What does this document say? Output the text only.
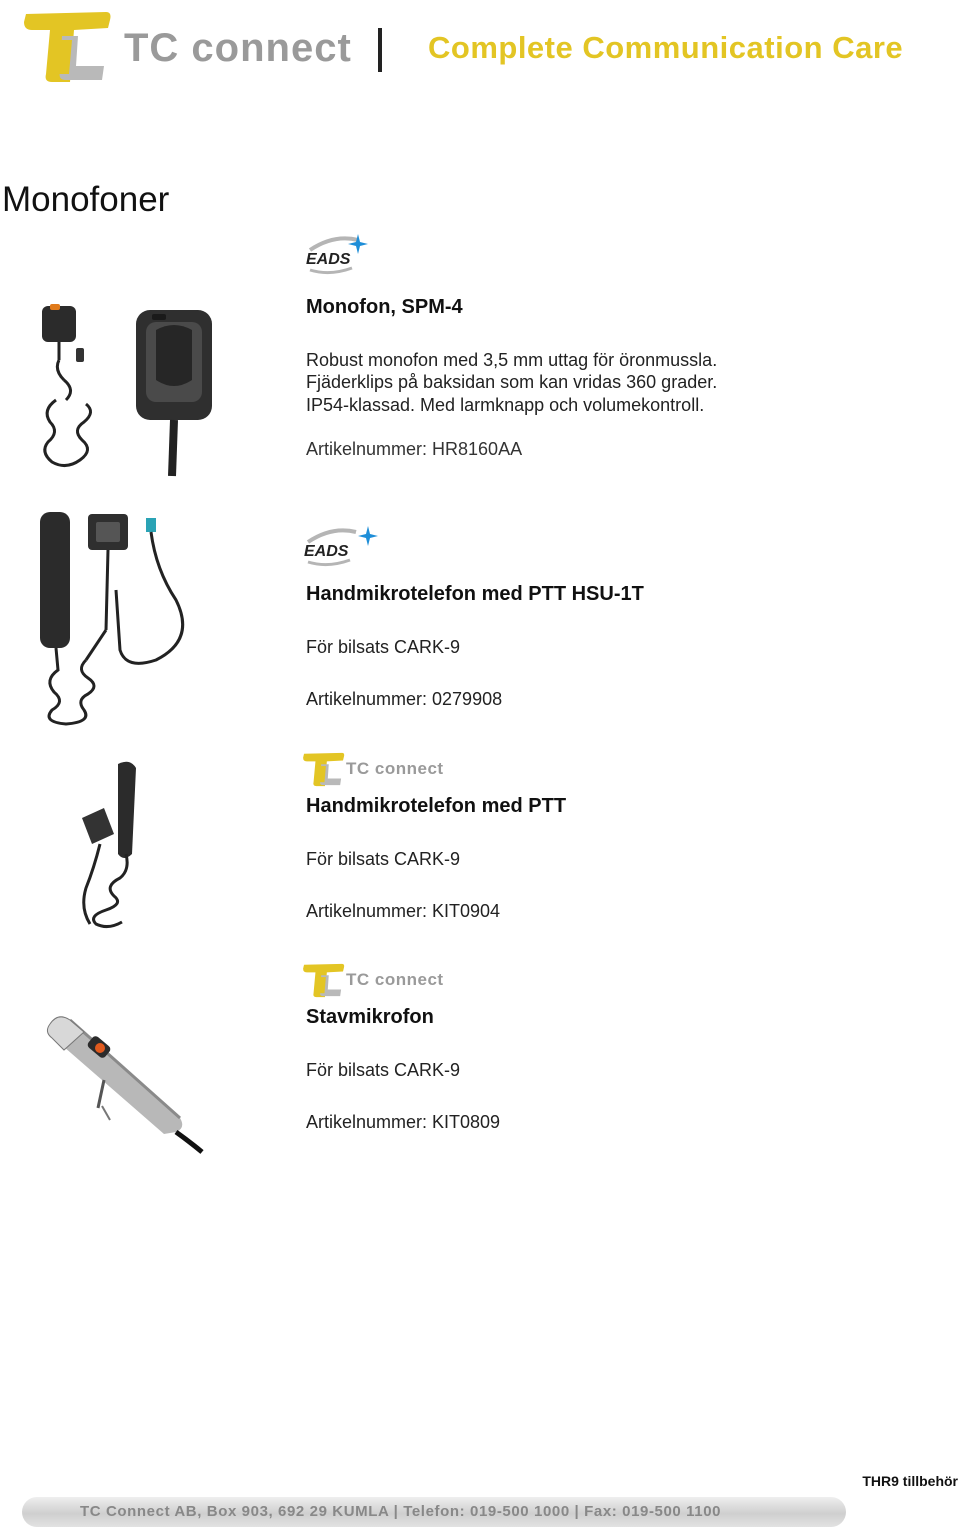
TC connect Complete Communication Care
Monofoner
EADS
Monofon, SPM-4
Robust monofon med 3,5 mm uttag för öronmussla.
Fjäderklips på baksidan som kan vridas 360 grader.
IP54-klassad. Med larmknapp och volumekontroll.
Artikelnummer: HR8160AA
EADS
Handmikrotelefon med PTT HSU-1T
För bilsats CARK-9
Artikelnummer: 0279908
TC connect
Handmikrotelefon med PTT
För bilsats CARK-9
Artikelnummer: KIT0904
TC connect
Stavmikrofon
För bilsats CARK-9
Artikelnummer: KIT0809
THR9 tillbehör
TC Connect AB, Box 903, 692 29 KUMLA | Telefon: 019-500 1000 | Fax: 019-500 1100
